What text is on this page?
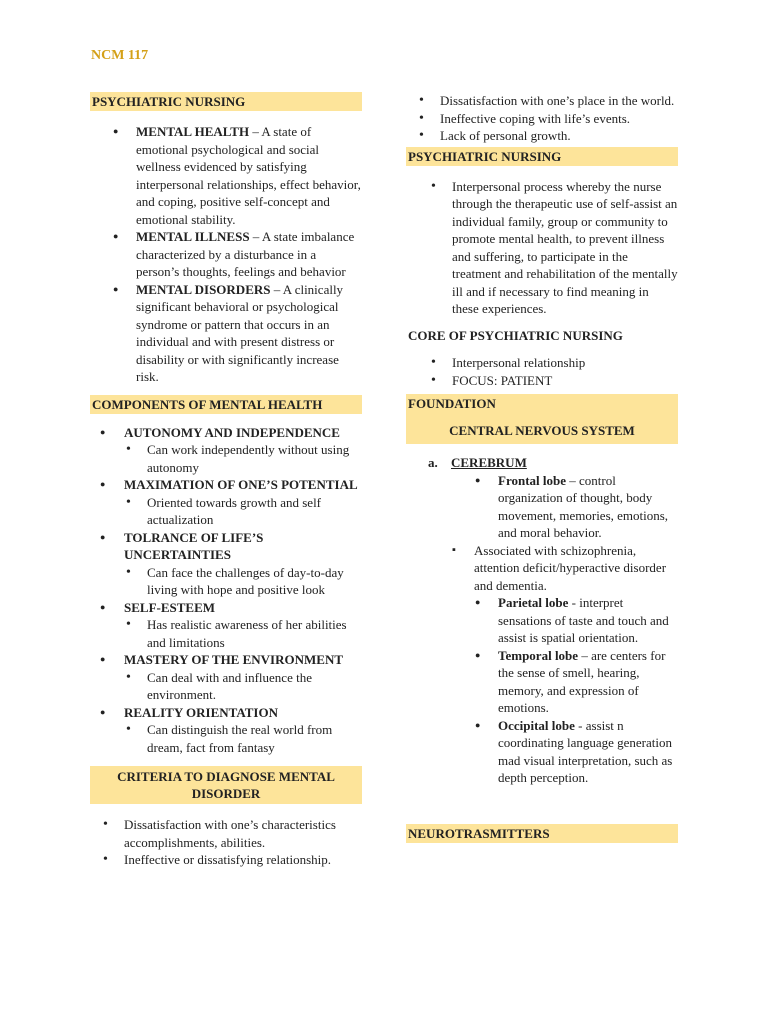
NCM 117
PSYCHIATRIC NURSING
● MENTAL HEALTH – A state of emotional psychological and social wellness evidenced by satisfying interpersonal relationships, effect behavior, and coping, positive self-concept and emotional stability.
● MENTAL ILLNESS – A state imbalance characterized by a disturbance in a person’s thoughts, feelings and behavior
● MENTAL DISORDERS – A clinically significant behavioral or psychological syndrome or pattern that occurs in an individual and with present distress or disability or with significantly increase risk.
COMPONENTS OF MENTAL HEALTH
● AUTONOMY AND INDEPENDENCE
• Can work independently without using autonomy
● MAXIMATION OF ONE’S POTENTIAL
• Oriented towards growth and self actualization
● TOLRANCE OF LIFE’S UNCERTAINTIES
• Can face the challenges of day-to-day living with hope and positive look
● SELF-ESTEEM
• Has realistic awareness of her abilities and limitations
● MASTERY OF THE ENVIRONMENT
• Can deal with and influence the environment.
● REALITY ORIENTATION
• Can distinguish the real world from dream, fact from fantasy
CRITERIA TO DIAGNOSE MENTAL DISORDER
• Dissatisfaction with one’s characteristics accomplishments, abilities.
• Ineffective or dissatisfying relationship.
• Dissatisfaction with one’s place in the world.
• Ineffective coping with life’s events.
• Lack of personal growth.
PSYCHIATRIC NURSING
• Interpersonal process whereby the nurse through the therapeutic use of self-assist an individual family, group or community to promote mental health, to prevent illness and suffering, to participate in the treatment and rehabilitation of the mentally ill and if necessary to find meaning in these experiences.
CORE OF PSYCHIATRIC NURSING
• Interpersonal relationship
• FOCUS: PATIENT
FOUNDATION
CENTRAL NERVOUS SYSTEM
a. CEREBRUM
● Frontal lobe – control organization of thought, body movement, memories, emotions, and moral behavior.
▪ Associated with schizophrenia, attention deficit/hyperactive disorder and dementia.
● Parietal lobe - interpret sensations of taste and touch and assist is spatial orientation.
● Temporal lobe – are centers for the sense of smell, hearing, memory, and expression of emotions.
● Occipital lobe - assist n coordinating language generation mad visual interpretation, such as depth perception.
NEUROTRASMITTERS
